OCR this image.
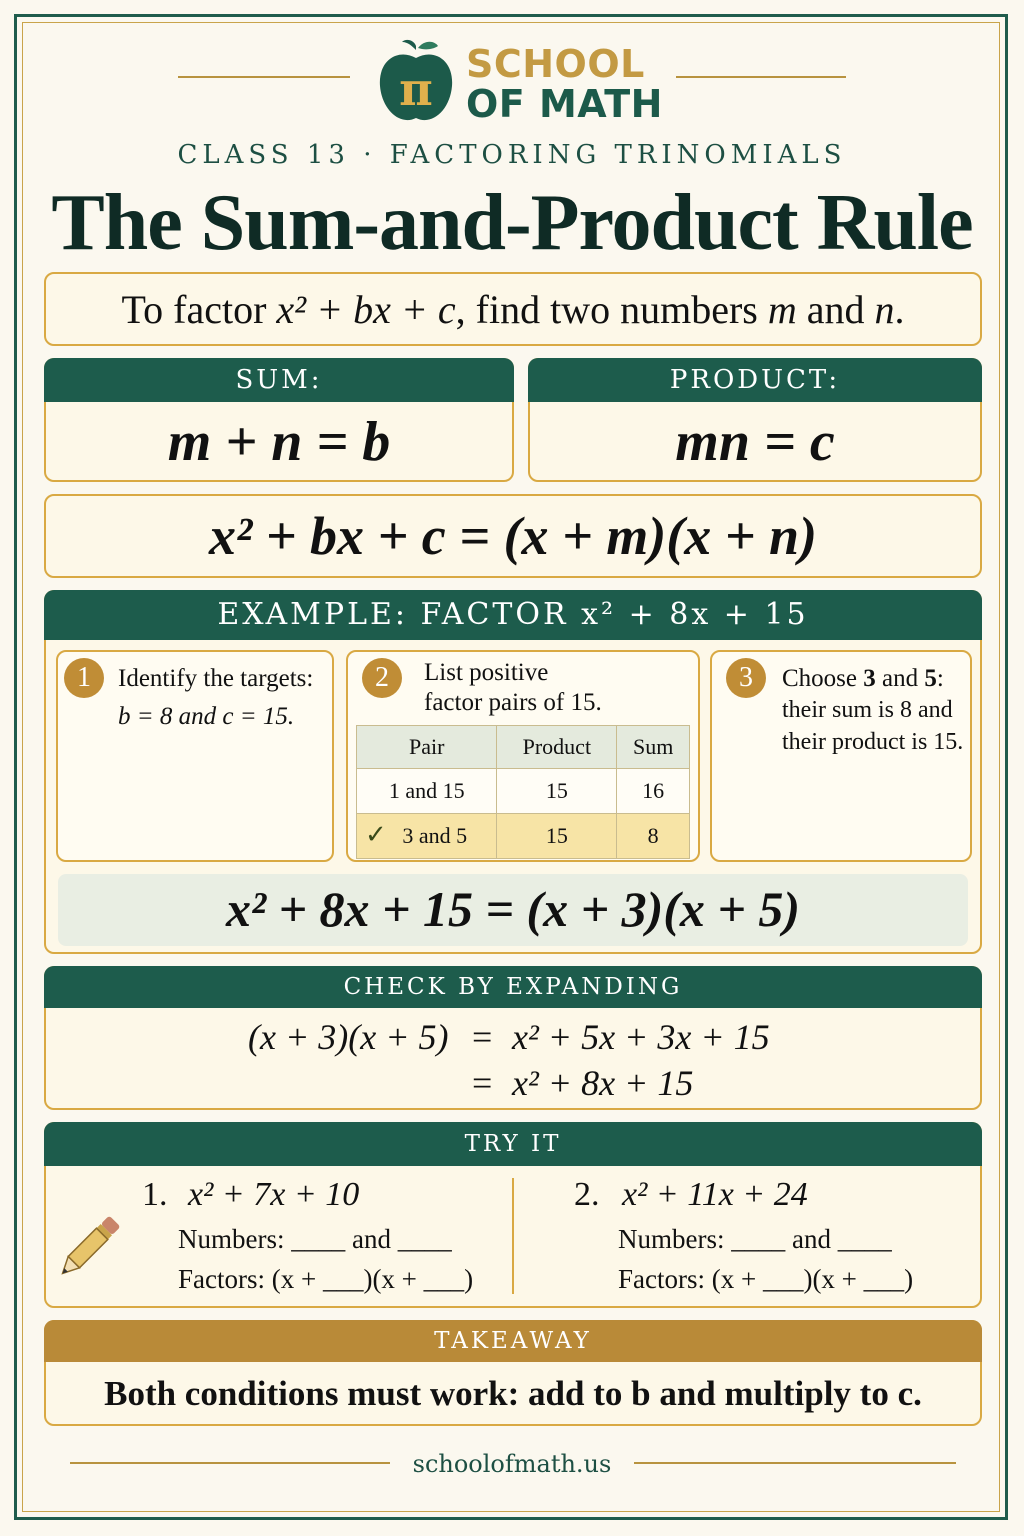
π SCHOOL
OF MATH
CLASS 13 · FACTORING TRINOMIALS
The Sum-and-Product Rule
To factor x² + bx + c, find two numbers m and n.
SUM:
m + n = b
PRODUCT:
mn = c
x² + bx + c = (x + m)(x + n)
EXAMPLE: FACTOR x² + 8x + 15
1	Identify the targets:
b = 8 and c = 15.
2	List positive
factor pairs of 15.
Pair	Product	Sum
1 and 15	15	16

✓ 3 and 5	15	8
3	Choose 3 and 5:
their sum is 8 and
their product is 15.
x² + 8x + 15 = (x + 3)(x + 5)
CHECK BY EXPANDING
(x + 3)(x + 5) = x² + 5x + 3x + 15
= x² + 8x + 15
TRY IT
1. x² + 7x + 10
Numbers: ____ and ____
Factors: (x + ___)(x + ___)
2. x² + 11x + 24
Numbers: ____ and ____
Factors: (x + ___)(x + ___)
TAKEAWAY
Both conditions must work: add to b and multiply to c.
schoolofmath.us
